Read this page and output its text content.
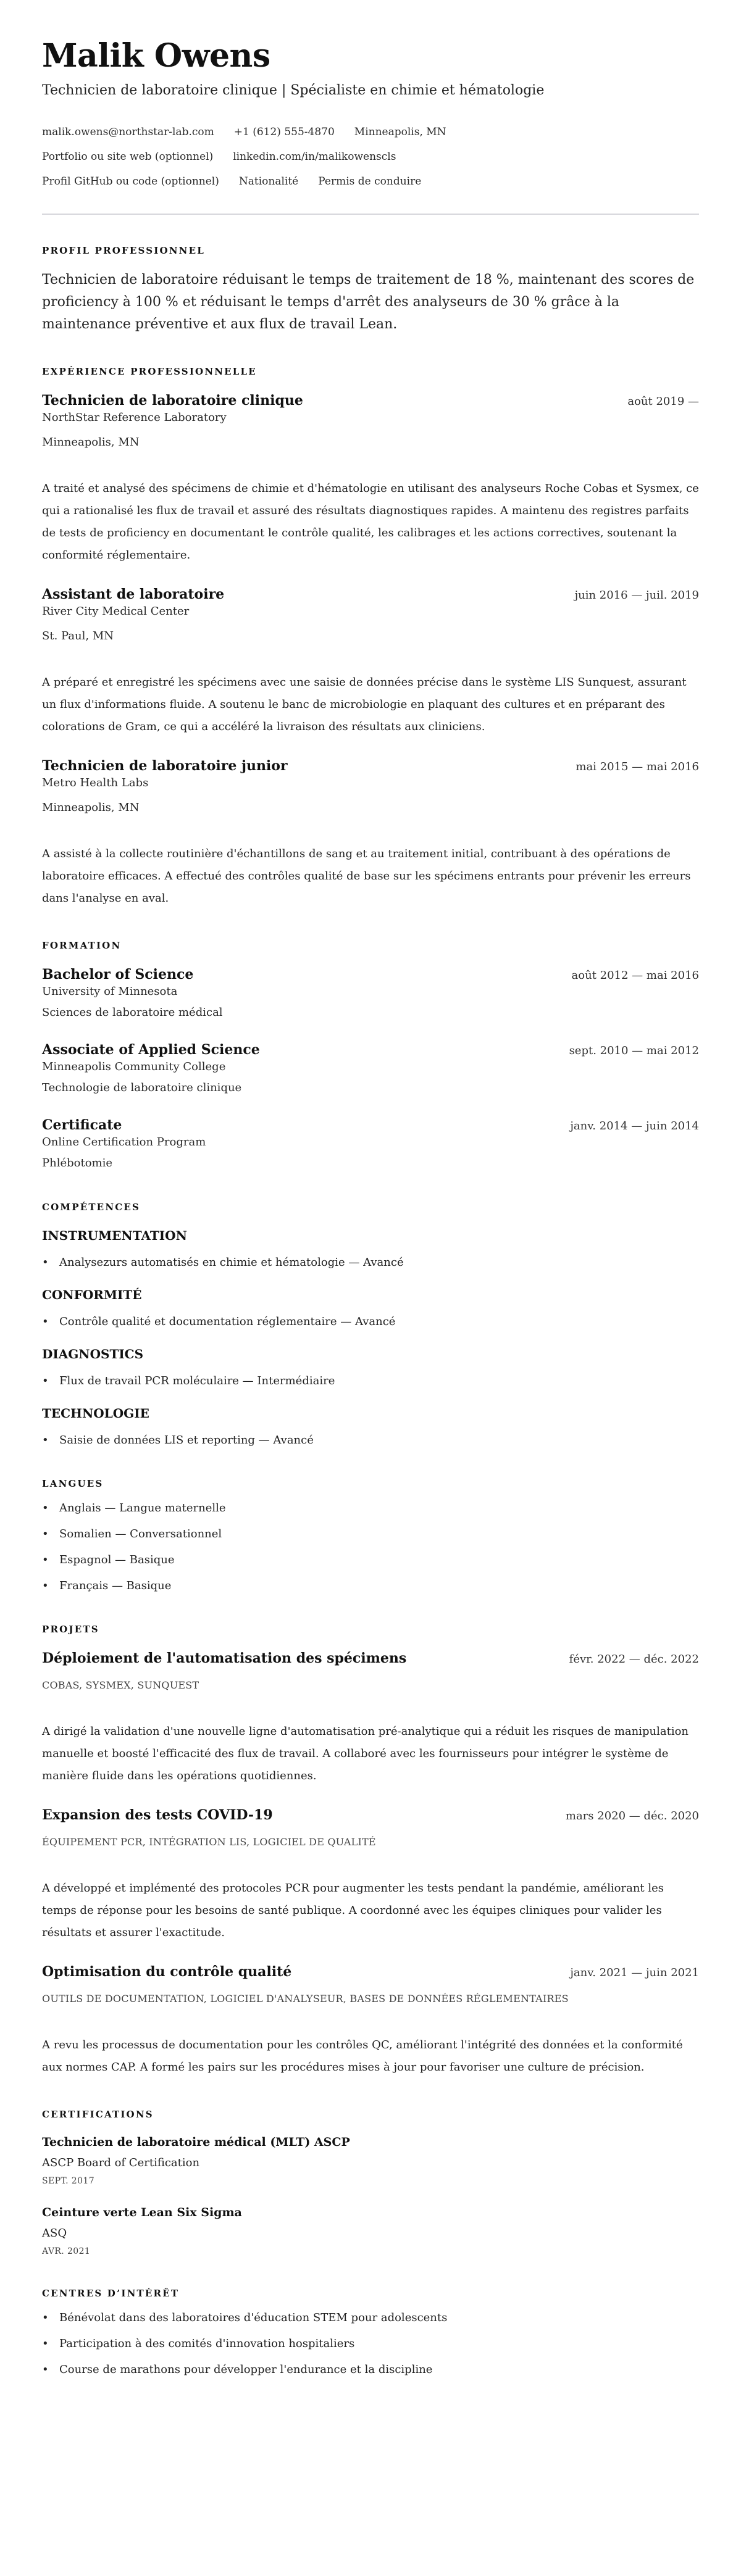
Malik Owens
Technicien de laboratoire clinique | Spécialiste en chimie et hématologie
malik.owens@northstar-lab.com +1 (612) 555-4870 Minneapolis, MN
Portfolio ou site web (optionnel) linkedin.com/in/malikowenscls
Profil GitHub ou code (optionnel) Nationalité Permis de conduire
PROFIL PROFESSIONNEL

Technicien de laboratoire réduisant le temps de traitement de 18 %, maintenant des scores de proficiency à 100 % et réduisant le temps d'arrêt des analyseurs de 30 % grâce à la maintenance préventive et aux flux de travail Lean.

EXPÉRIENCE PROFESSIONNELLE
Technicien de laboratoire clinique	août 2019 —
NorthStar Reference Laboratory
Minneapolis, MN

A traité et analysé des spécimens de chimie et d'hématologie en utilisant des analyseurs Roche Cobas et Sysmex, ce qui a rationalisé les flux de travail et assuré des résultats diagnostiques rapides. A maintenu des registres parfaits de tests de proficiency en documentant le contrôle qualité, les calibrages et les actions correctives, soutenant la conformité réglementaire.

Assistant de laboratoire	juin 2016 — juil. 2019
River City Medical Center
St. Paul, MN

A préparé et enregistré les spécimens avec une saisie de données précise dans le système LIS Sunquest, assurant un flux d'informations fluide. A soutenu le banc de microbiologie en plaquant des cultures et en préparant des colorations de Gram, ce qui a accéléré la livraison des résultats aux cliniciens.

Technicien de laboratoire junior	mai 2015 — mai 2016
Metro Health Labs
Minneapolis, MN

A assisté à la collecte routinière d'échantillons de sang et au traitement initial, contribuant à des opérations de laboratoire efficaces. A effectué des contrôles qualité de base sur les spécimens entrants pour prévenir les erreurs dans l'analyse en aval.

FORMATION
Bachelor of Science	août 2012 — mai 2016
University of Minnesota
Sciences de laboratoire médical
Associate of Applied Science	sept. 2010 — mai 2012
Minneapolis Community College
Technologie de laboratoire clinique
Certificate	janv. 2014 — juin 2014
Online Certification Program
Phlébotomie
COMPÉTENCES
INSTRUMENTATION
• Analysezurs automatisés en chimie et hématologie — Avancé
CONFORMITÉ
• Contrôle qualité et documentation réglementaire — Avancé
DIAGNOSTICS
• Flux de travail PCR moléculaire — Intermédiaire
TECHNOLOGIE
• Saisie de données LIS et reporting — Avancé
LANGUES
• Anglais — Langue maternelle
• Somalien — Conversationnel
• Espagnol — Basique
• Français — Basique
PROJETS
Déploiement de l'automatisation des spécimens	févr. 2022 — déc. 2022
COBAS, SYSMEX, SUNQUEST

A dirigé la validation d'une nouvelle ligne d'automatisation pré-analytique qui a réduit les risques de manipulation manuelle et boosté l'efficacité des flux de travail. A collaboré avec les fournisseurs pour intégrer le système de manière fluide dans les opérations quotidiennes.

Expansion des tests COVID-19	mars 2020 — déc. 2020
ÉQUIPEMENT PCR, INTÉGRATION LIS, LOGICIEL DE QUALITÉ

A développé et implémenté des protocoles PCR pour augmenter les tests pendant la pandémie, améliorant les temps de réponse pour les besoins de santé publique. A coordonné avec les équipes cliniques pour valider les résultats et assurer l'exactitude.

Optimisation du contrôle qualité	janv. 2021 — juin 2021
OUTILS DE DOCUMENTATION, LOGICIEL D'ANALYSEUR, BASES DE DONNÉES RÉGLEMENTAIRES

A revu les processus de documentation pour les contrôles QC, améliorant l'intégrité des données et la conformité aux normes CAP. A formé les pairs sur les procédures mises à jour pour favoriser une culture de précision.

CERTIFICATIONS
Technicien de laboratoire médical (MLT) ASCP
ASCP Board of Certification
SEPT. 2017
Ceinture verte Lean Six Sigma
ASQ
AVR. 2021
CENTRES D’INTÉRÊT
• Bénévolat dans des laboratoires d'éducation STEM pour adolescents
• Participation à des comités d'innovation hospitaliers
• Course de marathons pour développer l'endurance et la discipline
